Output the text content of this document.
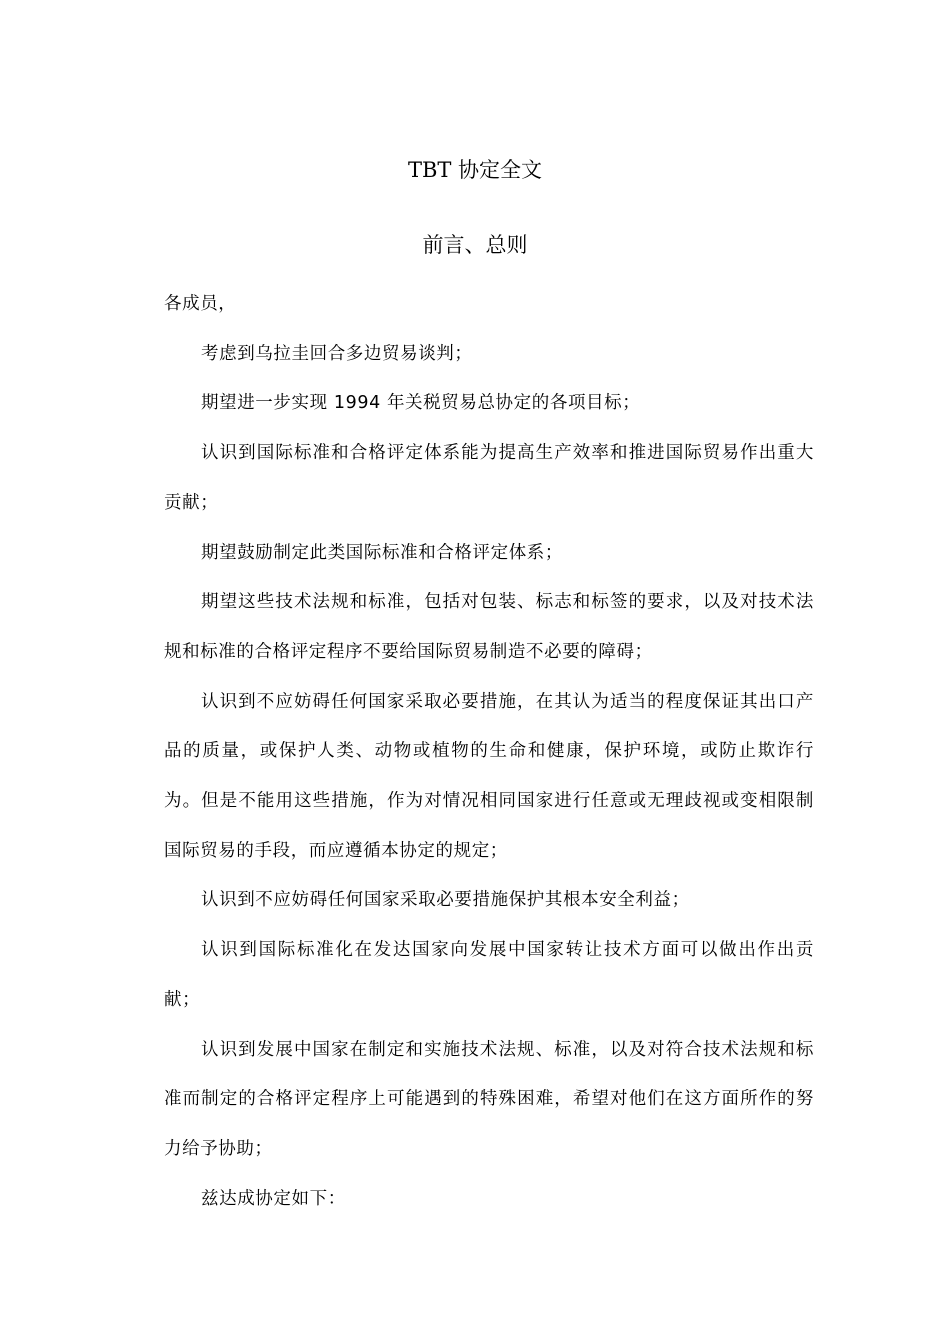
TBT 协定全文
前言、总则

各成员，

考虑到乌拉圭回合多边贸易谈判；

期望进一步实现 1994 年关税贸易总协定的各项目标；

认识到国际标准和合格评定体系能为提高生产效率和推进国际贸易作出重大贡献；

期望鼓励制定此类国际标准和合格评定体系；

期望这些技术法规和标准，包括对包装、标志和标签的要求，以及对技术法规和标准的合格评定程序不要给国际贸易制造不必要的障碍；

认识到不应妨碍任何国家采取必要措施，在其认为适当的程度保证其出口产品的质量，或保护人类、动物或植物的生命和健康，保护环境，或防止欺诈行为。但是不能用这些措施，作为对情况相同国家进行任意或无理歧视或变相限制国际贸易的手段，而应遵循本协定的规定；

认识到不应妨碍任何国家采取必要措施保护其根本安全利益；

认识到国际标准化在发达国家向发展中国家转让技术方面可以做出作出贡献；

认识到发展中国家在制定和实施技术法规、标准，以及对符合技术法规和标准而制定的合格评定程序上可能遇到的特殊困难，希望对他们在这方面所作的努力给予协助；

兹达成协定如下：
